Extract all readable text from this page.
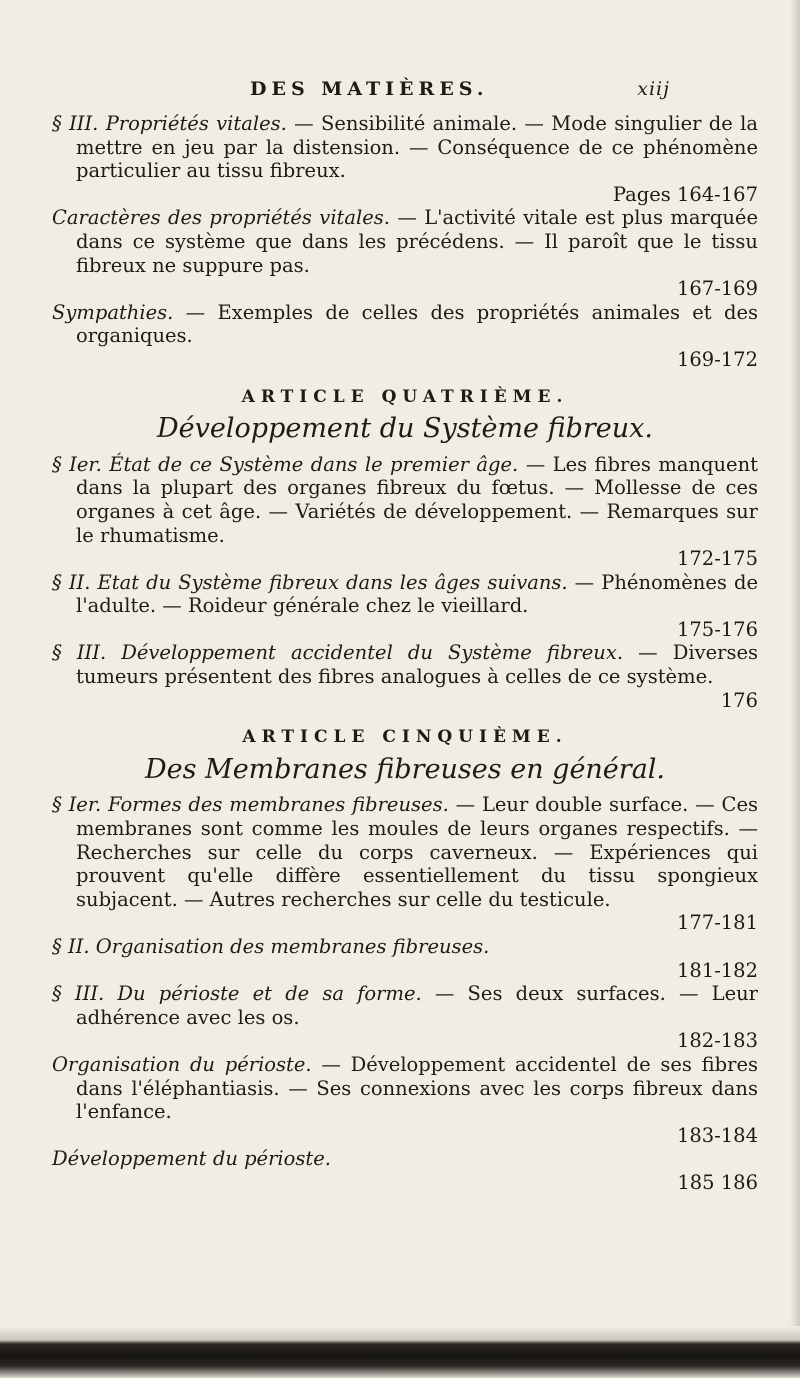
DES MATIÈRES.	xiij
§ III. Propriétés vitales. — Sensibilité animale. — Mode singulier de la mettre en jeu par la distension. — Conséquence de ce phénomène particulier au tissu fibreux.
Pages 164-167
Caractères des propriétés vitales. — L'activité vitale est plus marquée dans ce système que dans les précédens. — Il paroît que le tissu fibreux ne suppure pas.
167-169
Sympathies. — Exemples de celles des propriétés animales et des organiques.
169-172
ARTICLE QUATRIÈME.
Développement du Système fibreux.
§ Ier. État de ce Système dans le premier âge. — Les fibres manquent dans la plupart des organes fibreux du fœtus. — Mollesse de ces organes à cet âge. — Variétés de développement. — Remarques sur le rhumatisme.
172-175
§ II. Etat du Système fibreux dans les âges suivans. — Phénomènes de l'adulte. — Roideur générale chez le vieillard.
175-176
§ III. Développement accidentel du Système fibreux. — Diverses tumeurs présentent des fibres analogues à celles de ce système.
176
ARTICLE CINQUIÈME.
Des Membranes fibreuses en général.
§ Ier. Formes des membranes fibreuses. — Leur double surface. — Ces membranes sont comme les moules de leurs organes respectifs. — Recherches sur celle du corps caverneux. — Expériences qui prouvent qu'elle diffère essentiellement du tissu spongieux subjacent. — Autres recherches sur celle du testicule.
177-181
§ II. Organisation des membranes fibreuses.
181-182
§ III. Du périoste et de sa forme. — Ses deux surfaces. — Leur adhérence avec les os.
182-183
Organisation du périoste. — Développement accidentel de ses fibres dans l'éléphantiasis. — Ses connexions avec les corps fibreux dans l'enfance.
183-184
Développement du périoste.
185 186
